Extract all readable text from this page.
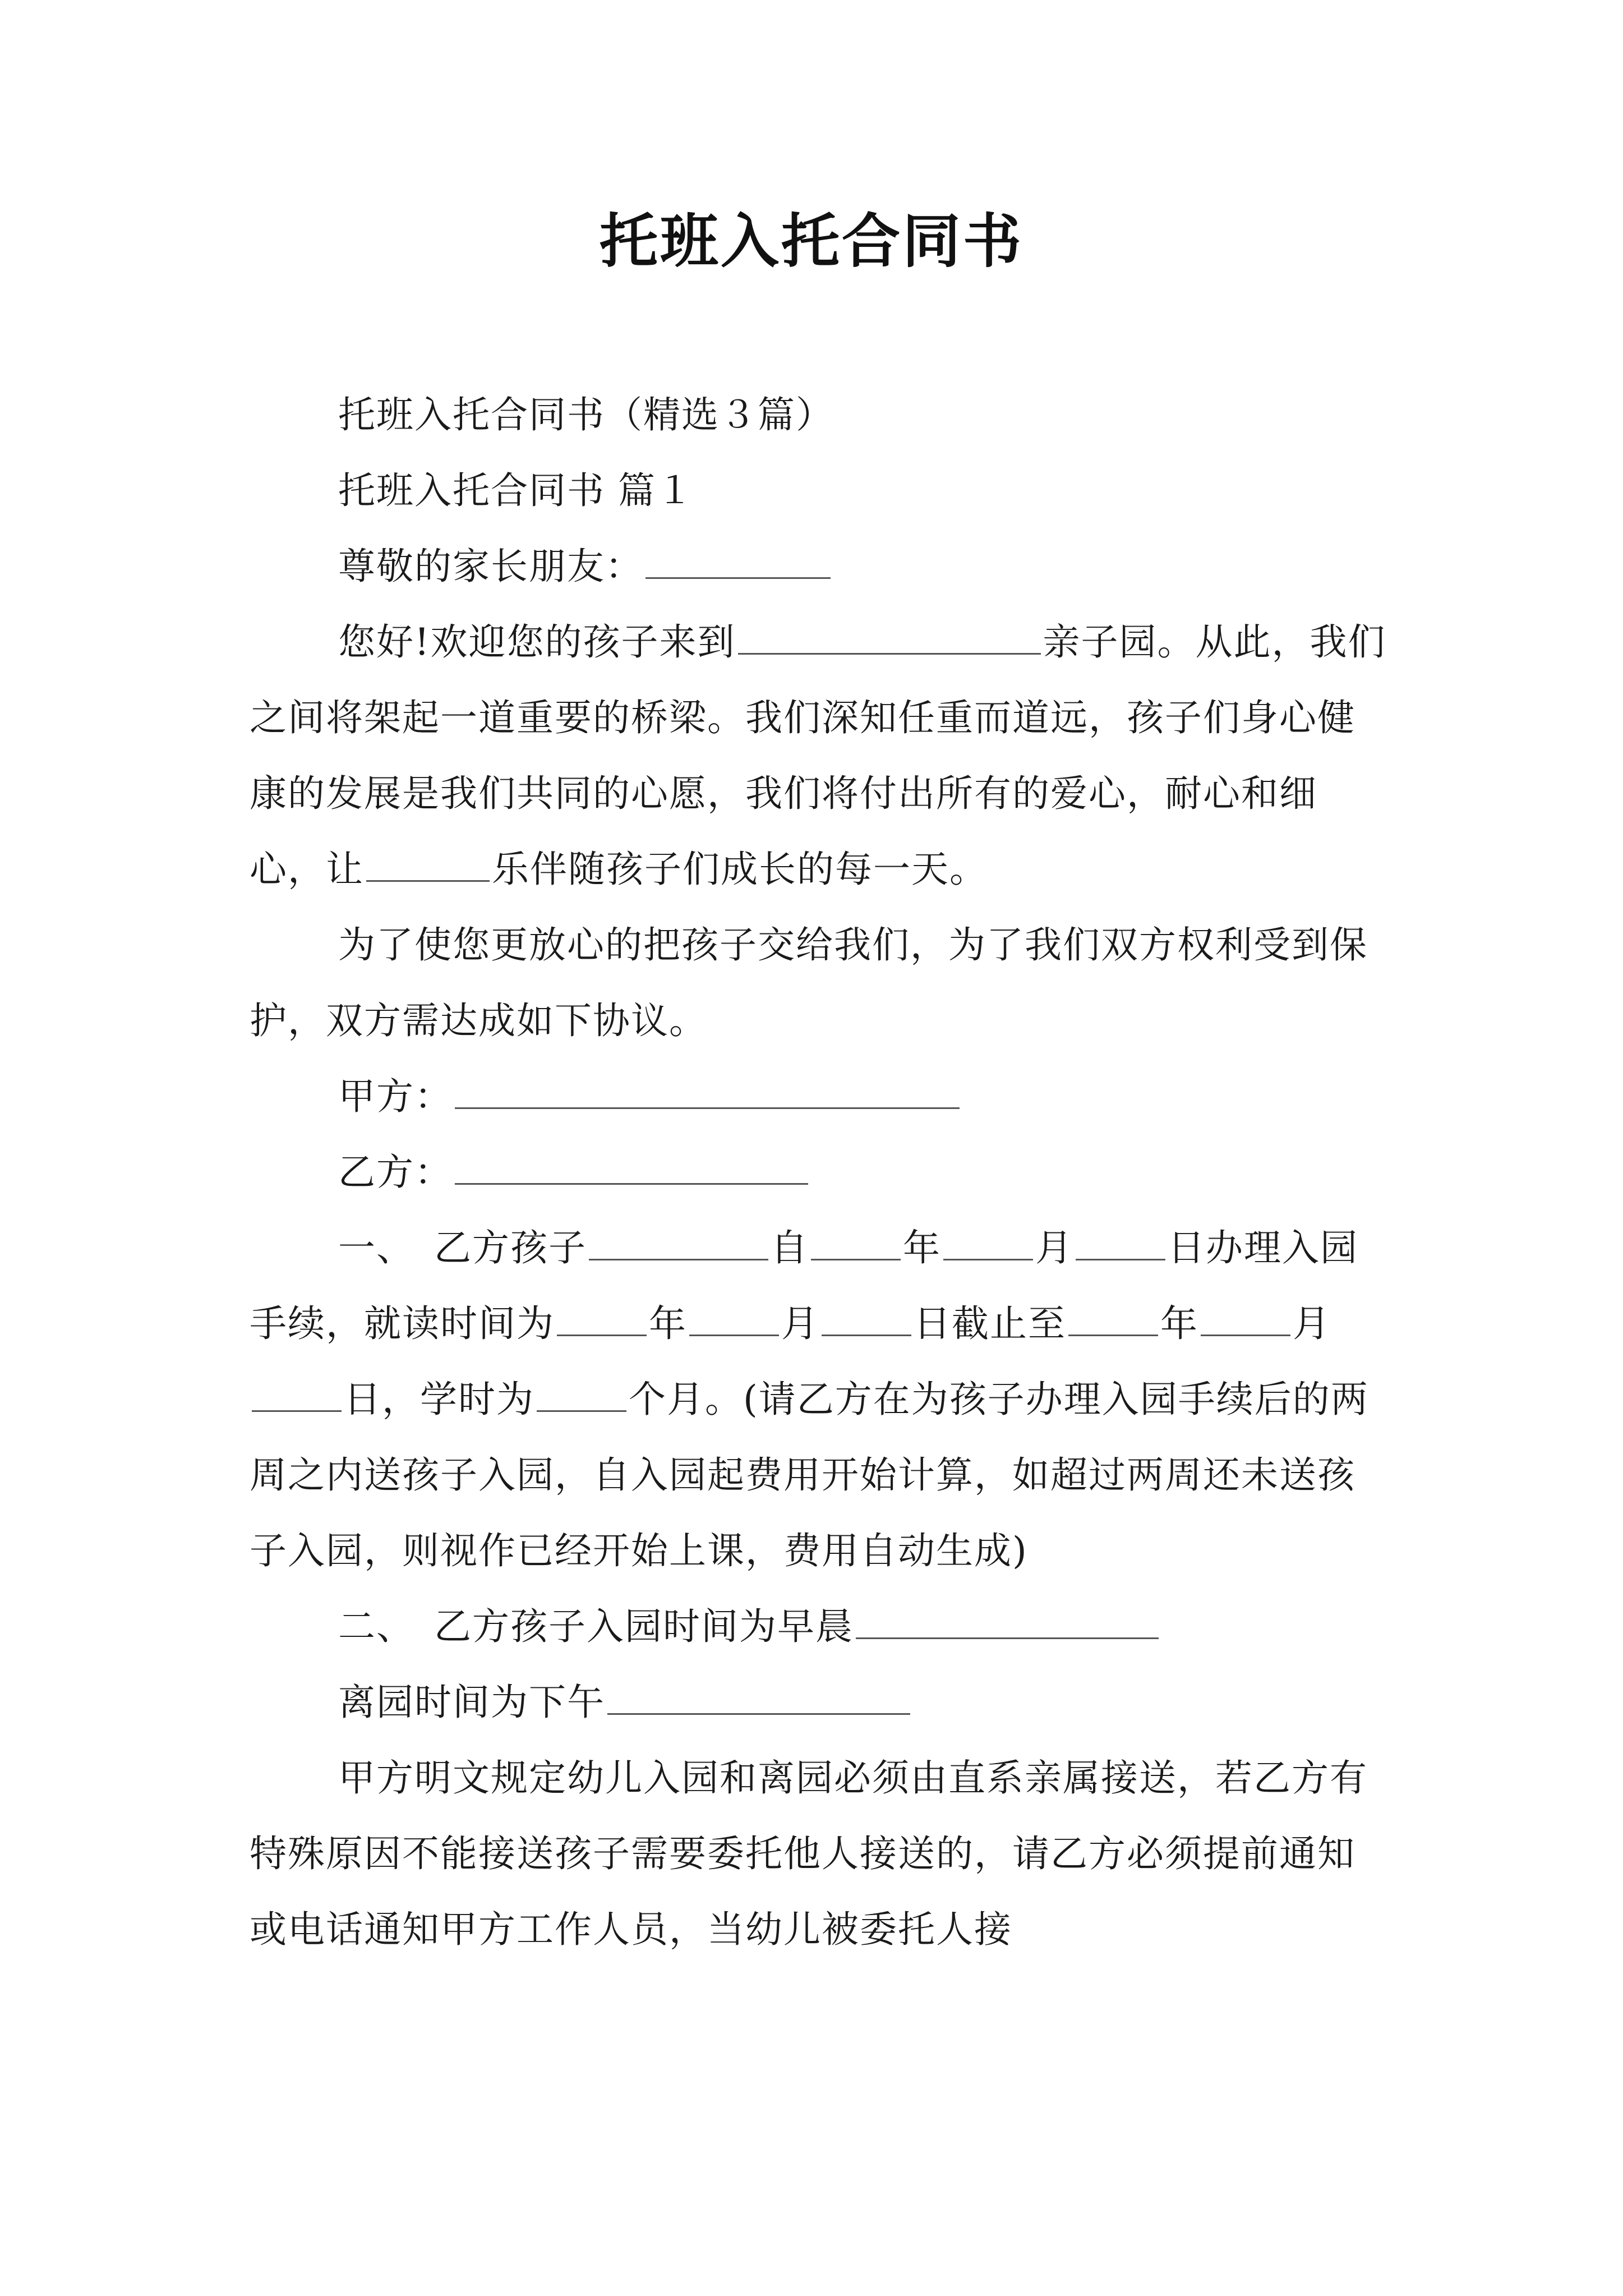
托班入托合同书

托班入托合同书（精选３篇）

托班入托合同书 篇１

尊敬的家长朋友：

您好!欢迎您的孩子来到	亲子园。从此，我们之间将架起一道重要的桥梁。我们深知任重而道远，孩子们身心健康的发展是我们共同的心愿，我们将付出所有的爱心，耐心和细心，让	乐伴随孩子们成长的每一天。

为了使您更放心的把孩子交给我们，为了我们双方权利受到保护，双方需达成如下协议。

甲方：

乙方：

一、　乙方孩子	自	年	月	日办理入园手续，就读时间为	年	月	日截止至	年	月日，学时为	个月。(请乙方在为孩子办理入园手续后的两周之内送孩子入园，自入园起费用开始计算，如超过两周还未送孩子入园，则视作已经开始上课，费用自动生成)

二、　乙方孩子入园时间为早晨

离园时间为下午

甲方明文规定幼儿入园和离园必须由直系亲属接送，若乙方有特殊原因不能接送孩子需要委托他人接送的，请乙方必须提前通知或电话通知甲方工作人员，当幼儿被委托人接
